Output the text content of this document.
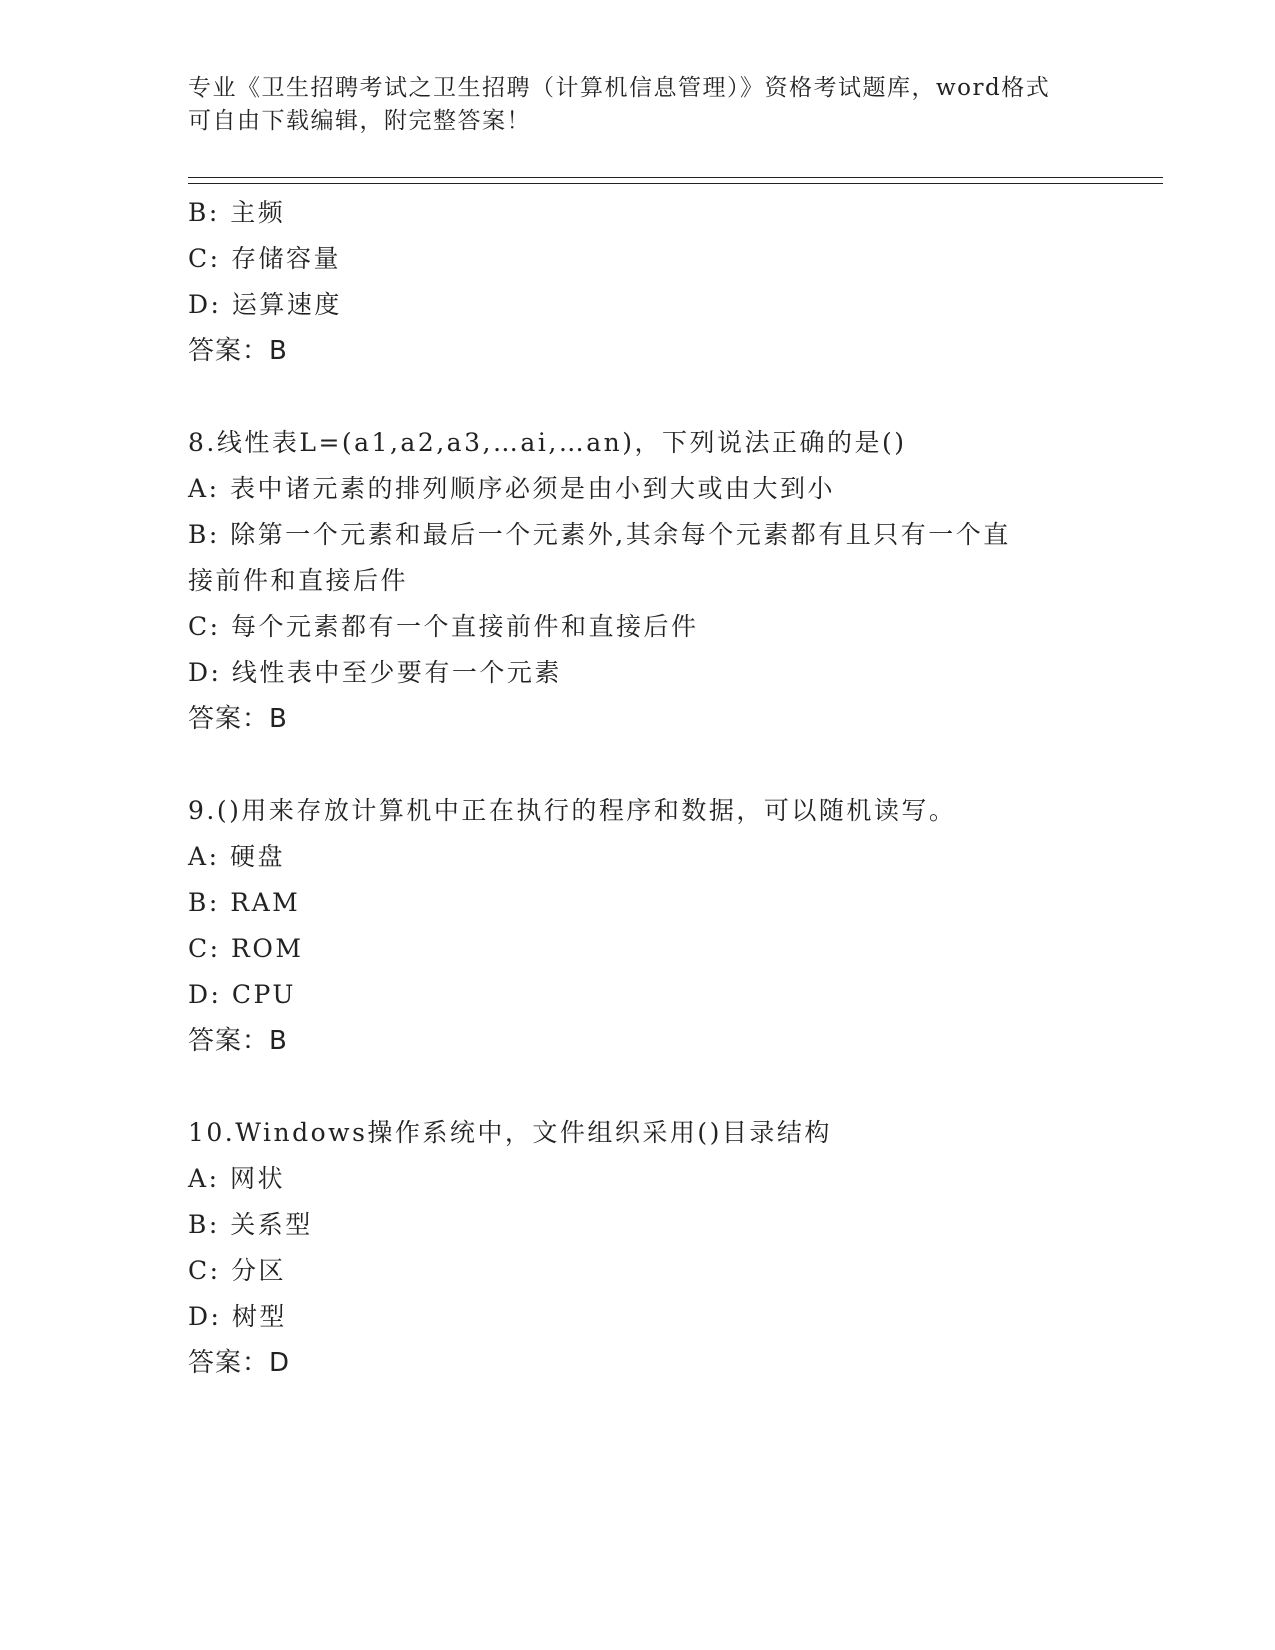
专业《卫生招聘考试之卫生招聘（计算机信息管理）》资格考试题库，word格式
可自由下载编辑，附完整答案！
B: 主频
C: 存储容量
D: 运算速度
答案：B
8.线性表L=(a1,a2,a3,…ai,…an)，下列说法正确的是()
A: 表中诸元素的排列顺序必须是由小到大或由大到小
B: 除第一个元素和最后一个元素外,其余每个元素都有且只有一个直
接前件和直接后件
C: 每个元素都有一个直接前件和直接后件
D: 线性表中至少要有一个元素
答案：B
9.()用来存放计算机中正在执行的程序和数据，可以随机读写。
A: 硬盘
B: RAM
C: ROM
D: CPU
答案：B
10.Windows操作系统中，文件组织采用()目录结构
A: 网状
B: 关系型
C: 分区
D: 树型
答案：D
